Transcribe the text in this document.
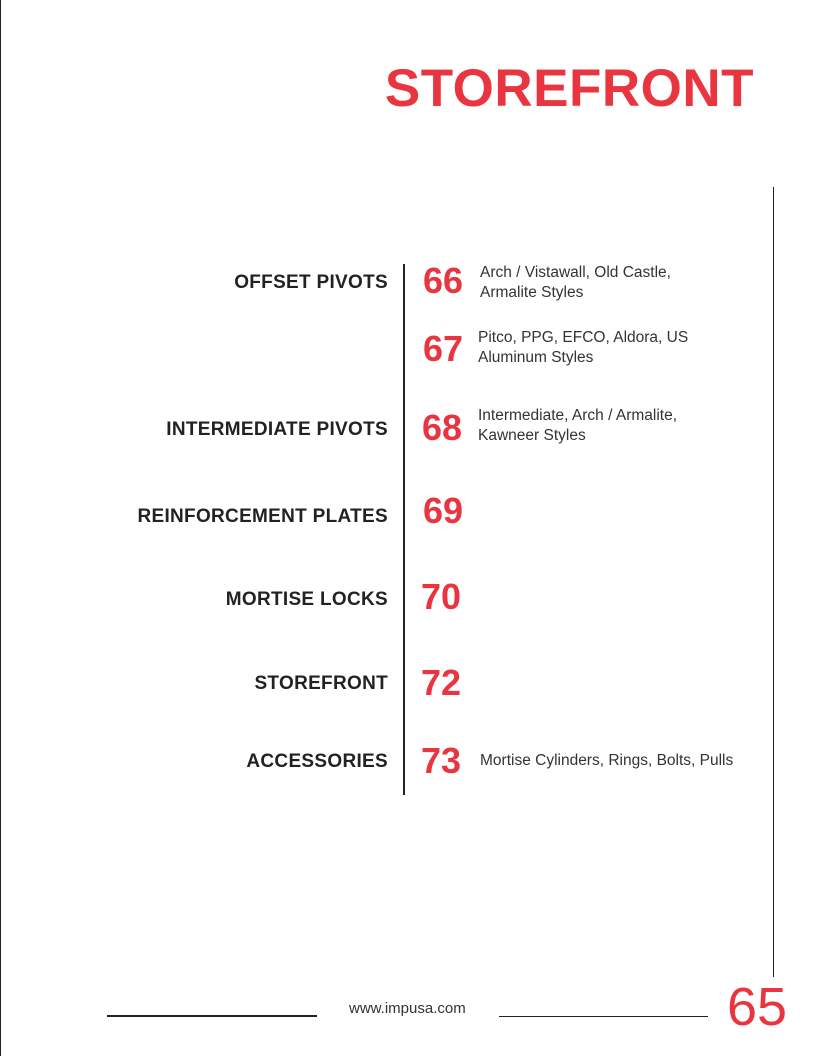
STOREFRONT
OFFSET PIVOTS
INTERMEDIATE PIVOTS
REINFORCEMENT PLATES
MORTISE LOCKS
STOREFRONT
ACCESSORIES
66 Arch / Vistawall, Old Castle,
Armalite Styles
67 Pitco, PPG, EFCO, Aldora, US
Aluminum Styles
68 Intermediate, Arch / Armalite,
Kawneer Styles
69
70
72
73 Mortise Cylinders, Rings, Bolts, Pulls
www.impusa.com	65
